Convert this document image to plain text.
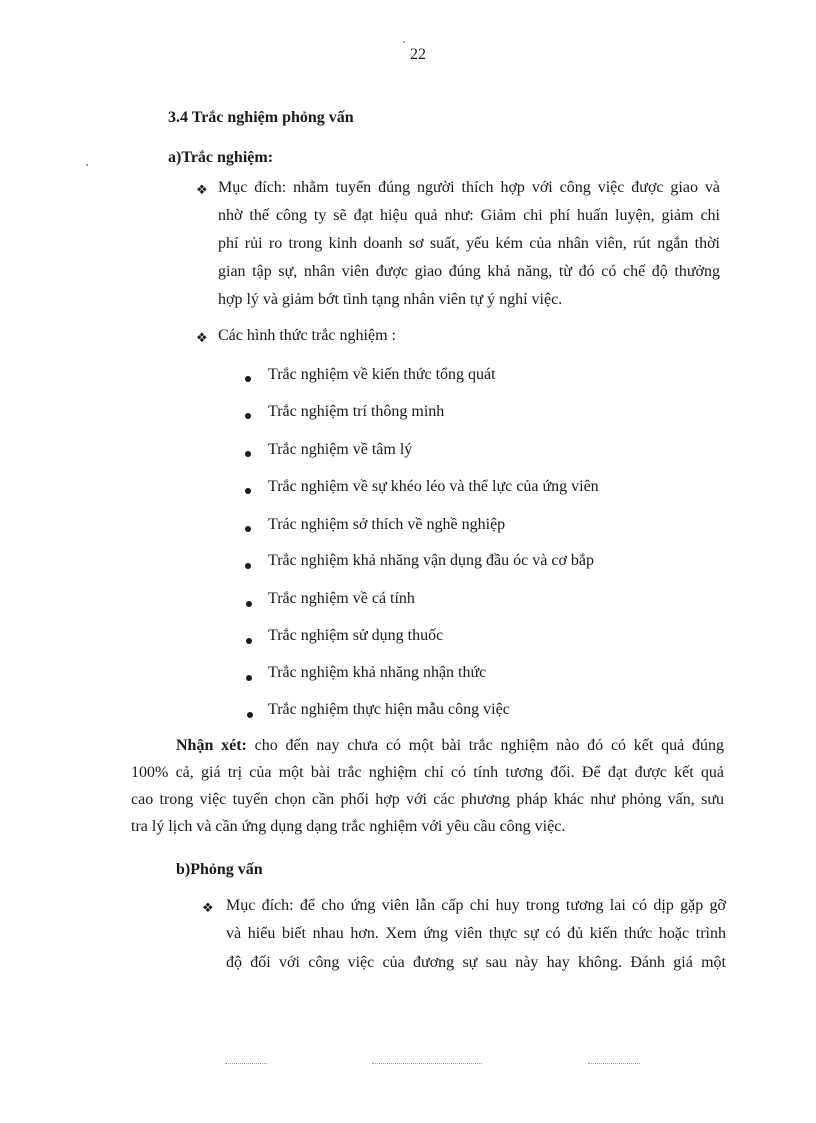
22
3.4 Trắc nghiệm phỏng vấn
a)Trắc nghiệm:
❖ Mục đích: nhằm tuyển đúng người thích hợp với công việc được giao và
nhờ thế công ty sẽ đạt hiệu quả như: Giảm chi phí huấn luyện, giảm chi
phí rủi ro trong kinh doanh sơ suất, yếu kém của nhân viên, rút ngắn thời
gian tập sự, nhân viên được giao đúng khả năng, từ đó có chế độ thưởng
hợp lý và giảm bớt tình tạng nhân viên tự ý nghỉ việc.
❖ Các hình thức trắc nghiệm :
Trắc nghiệm về kiến thức tổng quát
Trắc nghiệm trí thông minh
Trắc nghiệm về tâm lý
Trắc nghiệm về sự khéo léo và thể lực của ứng viên
Trác nghiệm sở thích về nghề nghiệp
Trắc nghiệm khả nhăng vận dụng đầu óc và cơ bắp
Trắc nghiệm về cá tính
Trắc nghiệm sử dụng thuốc
Trắc nghiệm khả nhăng nhận thức
Trắc nghiệm thực hiện mẫu công việc
Nhận xét: cho đến nay chưa có một bài trắc nghiệm nào đó có kết quả đúng
100% cả, giá trị của một bài trắc nghiệm chỉ có tính tương đối. Để đạt được kết quả
cao trong việc tuyển chọn cần phối hợp với các phương pháp khác như phỏng vấn, sưu
tra lý lịch và cần ứng dụng dạng trắc nghiệm với yêu cầu công việc.
b)Phỏng vấn
❖ Mục đích: để cho ứng viên lẫn cấp chỉ huy trong tương lai có dịp gặp gỡ
và hiểu biết nhau hơn. Xem ứng viên thực sự có đủ kiến thức hoặc trình
độ đối với công việc của đương sự sau này hay không. Đánh giá một
